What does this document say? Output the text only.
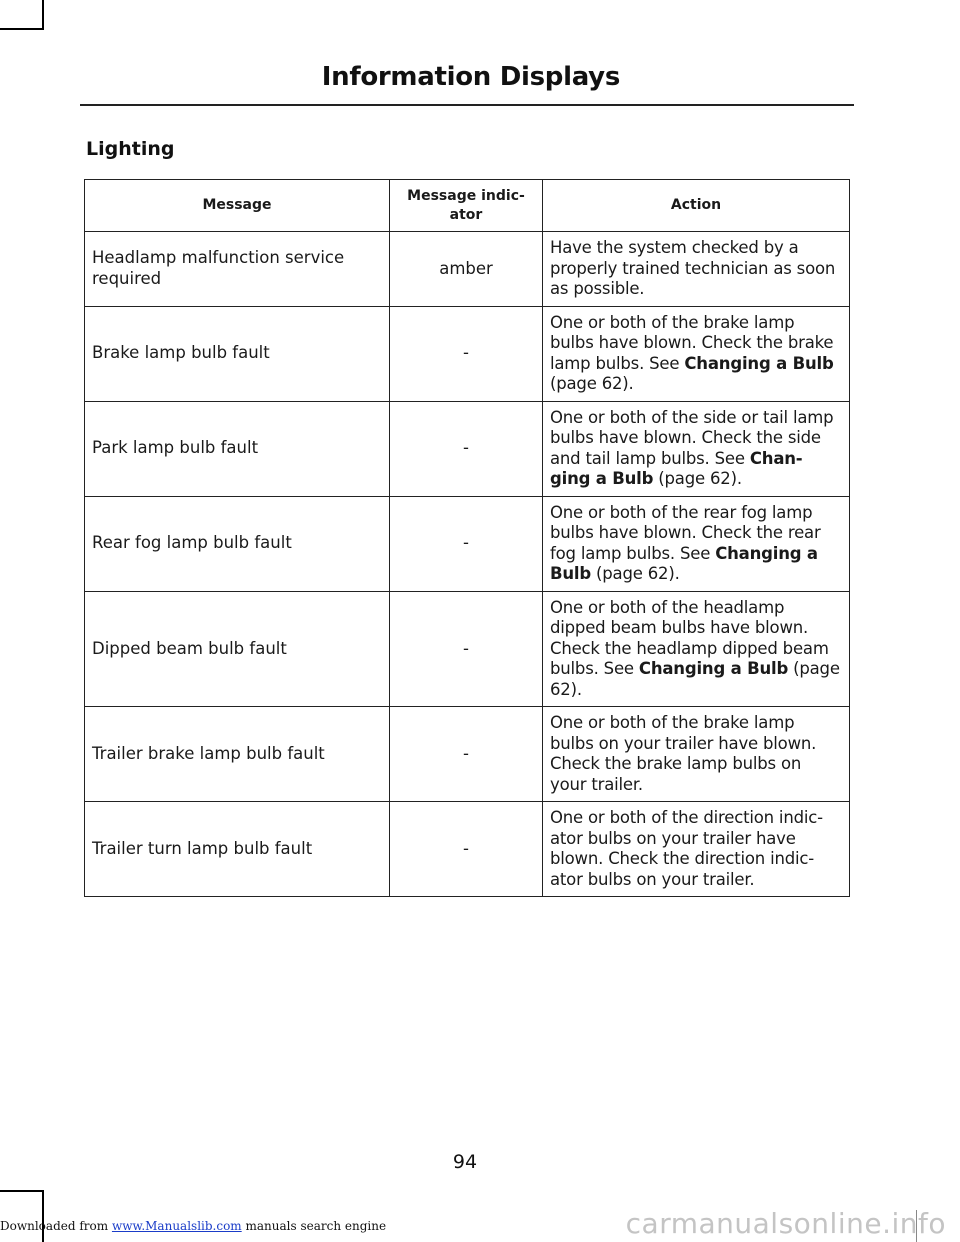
Information Displays
Lighting
Message	Message indic-ator	Action
Headlamp malfunction service required	amber	Have the system checked by a properly trained technician as soon as possible.
Brake lamp bulb fault	-	One or both of the brake lamp bulbs have blown. Check the brake lamp bulbs. See Changing a Bulb (page 62).
Park lamp bulb fault	-	One or both of the side or tail lamp bulbs have blown. Check the side and tail lamp bulbs. See Chan-ging a Bulb (page 62).
Rear fog lamp bulb fault	-	One or both of the rear fog lamp bulbs have blown. Check the rear fog lamp bulbs. See Changing a Bulb (page 62).
Dipped beam bulb fault	-	One or both of the headlamp dipped beam bulbs have blown. Check the headlamp dipped beam bulbs. See Changing a Bulb (page 62).
Trailer brake lamp bulb fault	-	One or both of the brake lamp bulbs on your trailer have blown. Check the brake lamp bulbs on your trailer.
Trailer turn lamp bulb fault	-	One or both of the direction indic-ator bulbs on your trailer have blown. Check the direction indic-ator bulbs on your trailer.
94
Downloaded from www.Manualslib.com manuals search engine	carmanualsonline.info
